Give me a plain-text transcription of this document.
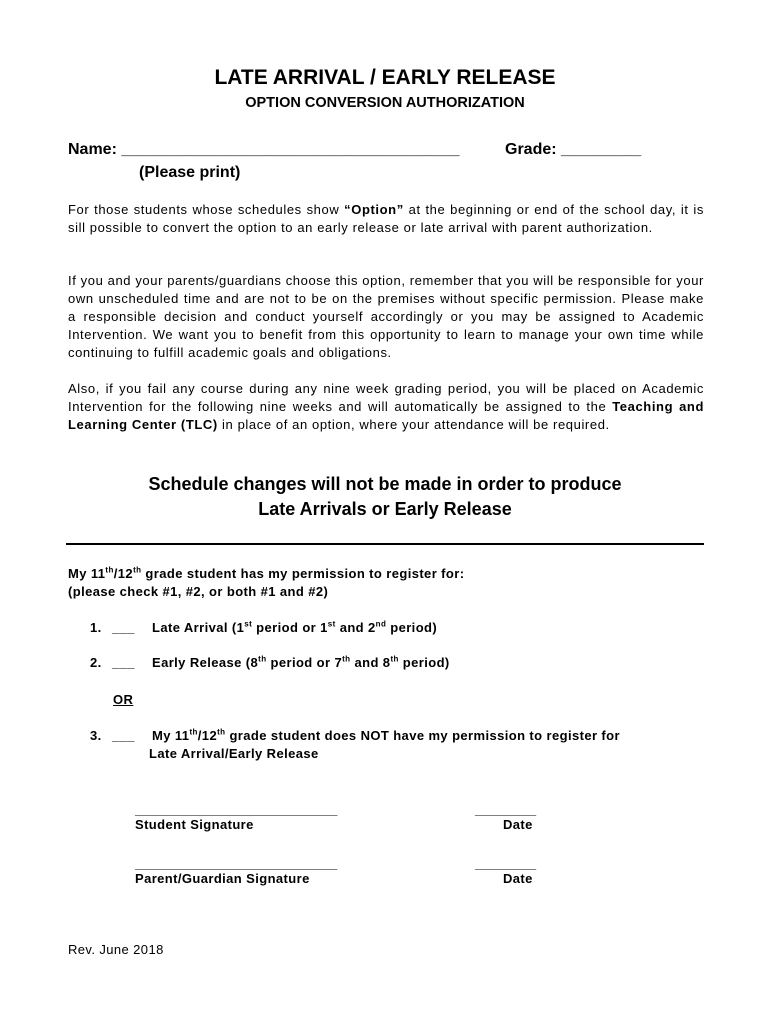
LATE ARRIVAL / EARLY RELEASE
OPTION CONVERSION AUTHORIZATION
Name: ______________________________________	Grade: _________
(Please print)
For those students whose schedules show “Option” at the beginning or end of the school day, it is sill possible to convert the option to an early release or late arrival with parent authorization.
If you and your parents/guardians choose this option, remember that you will be responsible for your own unscheduled time and are not to be on the premises without specific permission. Please make a responsible decision and conduct yourself accordingly or you may be assigned to Academic Intervention. We want you to benefit from this opportunity to learn to manage your own time while continuing to fulfill academic goals and obligations.
Also, if you fail any course during any nine week grading period, you will be placed on Academic Intervention for the following nine weeks and will automatically be assigned to the Teaching and Learning Center (TLC) in place of an option, where your attendance will be required.
Schedule changes will not be made in order to produce
Late Arrivals or Early Release
My 11th/12th grade student has my permission to register for:
(please check #1, #2, or both #1 and #2)
1. ___ Late Arrival (1st period or 1st and 2nd period)
2. ___ Early Release (8th period or 7th and 8th period)
OR
3. ___ My 11th/12th grade student does NOT have my permission to register for
Late Arrival/Early Release
______________________________	_________
Student Signature	Date
______________________________	_________
Parent/Guardian Signature	Date
Rev. June 2018
